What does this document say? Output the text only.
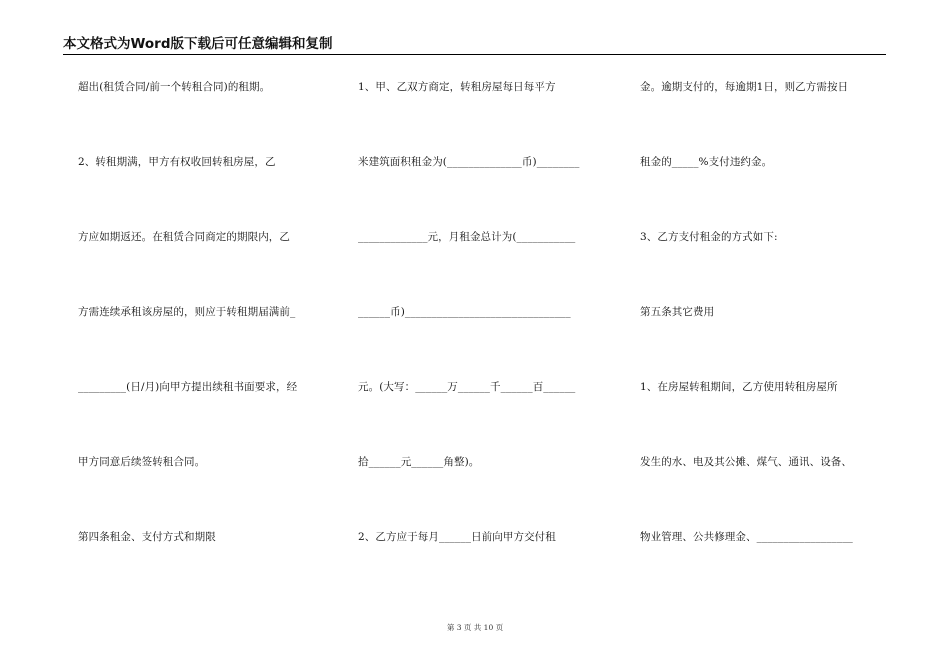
本文格式为Word版下载后可任意编辑和复制
超出(租赁合同/前一个转租合同)的租期。
2、转租期满，甲方有权收回转租房屋，乙
方应如期返还。在租赁合同商定的期限内，乙
方需连续承租该房屋的，则应于转租期届满前_
_________(日/月)向甲方提出续租书面要求，经
甲方同意后续签转租合同。
第四条租金、支付方式和期限
1、甲、乙双方商定，转租房屋每日每平方
米建筑面积租金为(______________币)________
_____________元，月租金总计为(___________
______币)_______________________________
元。(大写：______万______千______百______
拾______元______角整)。
2、乙方应于每月______日前向甲方交付租
金。逾期支付的，每逾期1日，则乙方需按日
租金的_____%支付违约金。
3、乙方支付租金的方式如下:
第五条其它费用
1、在房屋转租期间，乙方使用转租房屋所
发生的水、电及其公摊、煤气、通讯、设备、
物业管理、公共修理金、__________________
第 3 页 共 10 页
